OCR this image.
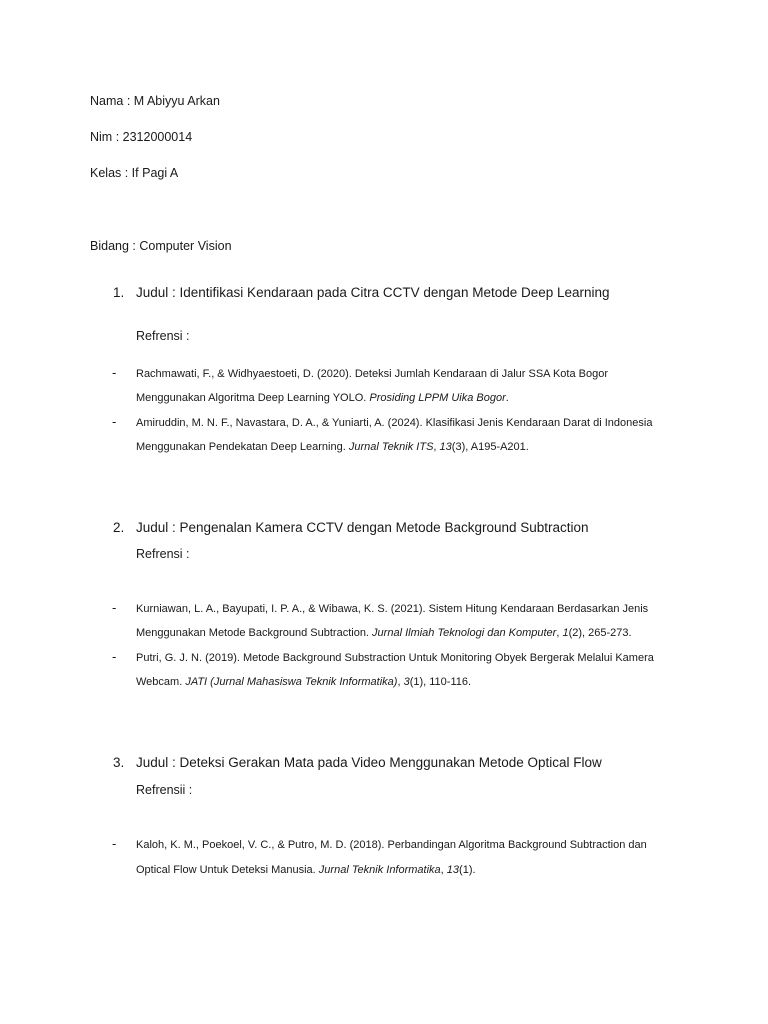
Nama : M Abiyyu Arkan
Nim : 2312000014
Kelas : If Pagi A
Bidang : Computer Vision
1. Judul : Identifikasi Kendaraan pada Citra CCTV dengan Metode Deep Learning
Refrensi :
- Rachmawati, F., & Widhyaestoeti, D. (2020). Deteksi Jumlah Kendaraan di Jalur SSA Kota Bogor
Menggunakan Algoritma Deep Learning YOLO. Prosiding LPPM Uika Bogor.
- Amiruddin, M. N. F., Navastara, D. A., & Yuniarti, A. (2024). Klasifikasi Jenis Kendaraan Darat di Indonesia
Menggunakan Pendekatan Deep Learning. Jurnal Teknik ITS, 13(3), A195-A201.
2. Judul : Pengenalan Kamera CCTV dengan Metode Background Subtraction
Refrensi :
- Kurniawan, L. A., Bayupati, I. P. A., & Wibawa, K. S. (2021). Sistem Hitung Kendaraan Berdasarkan Jenis
Menggunakan Metode Background Subtraction. Jurnal Ilmiah Teknologi dan Komputer, 1(2), 265-273.
- Putri, G. J. N. (2019). Metode Background Substraction Untuk Monitoring Obyek Bergerak Melalui Kamera
Webcam. JATI (Jurnal Mahasiswa Teknik Informatika), 3(1), 110-116.
3. Judul : Deteksi Gerakan Mata pada Video Menggunakan Metode Optical Flow
Refrensii :
- Kaloh, K. M., Poekoel, V. C., & Putro, M. D. (2018). Perbandingan Algoritma Background Subtraction dan
Optical Flow Untuk Deteksi Manusia. Jurnal Teknik Informatika, 13(1).
